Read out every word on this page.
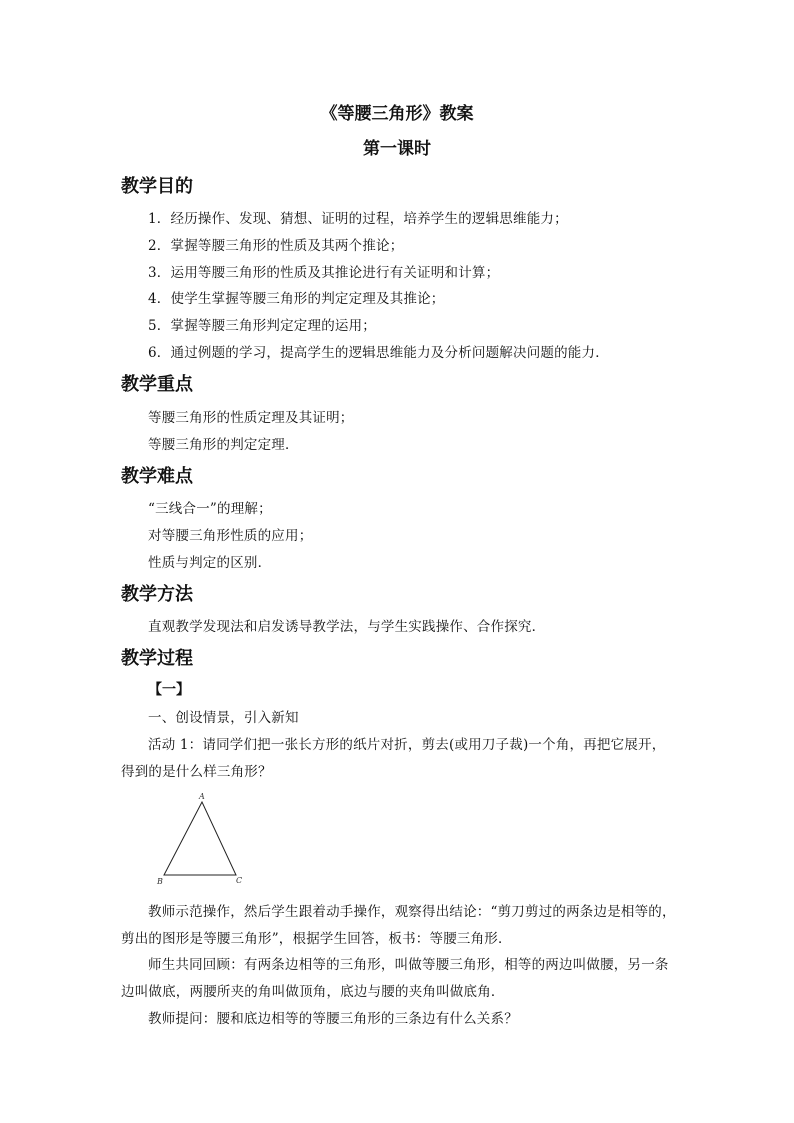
《等腰三角形》教案
第一课时
教学目的
1．经历操作、发现、猜想、证明的过程，培养学生的逻辑思维能力；
2．掌握等腰三角形的性质及其两个推论；
3．运用等腰三角形的性质及其推论进行有关证明和计算；
4．使学生掌握等腰三角形的判定定理及其推论；
5．掌握等腰三角形判定定理的运用；
6．通过例题的学习，提高学生的逻辑思维能力及分析问题解决问题的能力．
教学重点
等腰三角形的性质定理及其证明；
等腰三角形的判定定理．
教学难点
“三线合一”的理解；
对等腰三角形性质的应用；
性质与判定的区别．
教学方法
直观教学发现法和启发诱导教学法，与学生实践操作、合作探究．
教学过程
【一】
一、创设情景，引入新知
活动 1：请同学们把一张长方形的纸片对折，剪去(或用刀子裁)一个角，再把它展开，
得到的是什么样三角形？
A
B	C
教师示范操作，然后学生跟着动手操作，观察得出结论：“剪刀剪过的两条边是相等的，
剪出的图形是等腰三角形”，根据学生回答，板书：等腰三角形．
师生共同回顾：有两条边相等的三角形，叫做等腰三角形，相等的两边叫做腰，另一条
边叫做底，两腰所夹的角叫做顶角，底边与腰的夹角叫做底角．
教师提问：腰和底边相等的等腰三角形的三条边有什么关系？
